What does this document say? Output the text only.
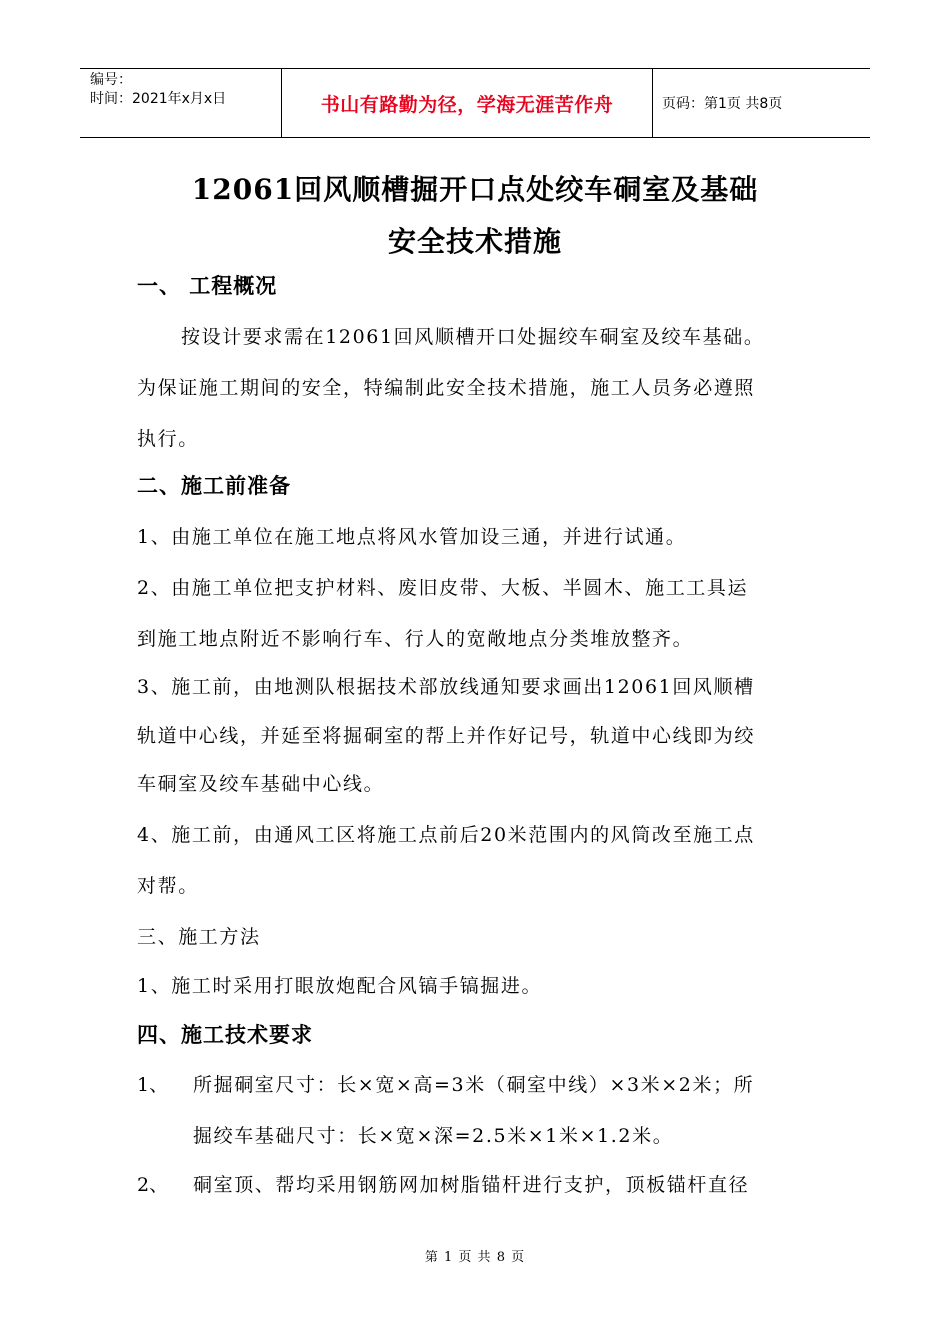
编号：
时间：2021年x月x日	书山有路勤为径，学海无涯苦作舟	页码：第1页 共8页
12061回风顺槽掘开口点处绞车硐室及基础
安全技术措施
一、 工程概况
按设计要求需在12061回风顺槽开口处掘绞车硐室及绞车基础。
为保证施工期间的安全，特编制此安全技术措施，施工人员务必遵照
执行。
二、施工前准备
1、由施工单位在施工地点将风水管加设三通，并进行试通。
2、由施工单位把支护材料、废旧皮带、大板、半圆木、施工工具运
到施工地点附近不影响行车、行人的宽敞地点分类堆放整齐。
3、施工前，由地测队根据技术部放线通知要求画出12061回风顺槽
轨道中心线，并延至将掘硐室的帮上并作好记号，轨道中心线即为绞
车硐室及绞车基础中心线。
4、施工前，由通风工区将施工点前后20米范围内的风筒改至施工点
对帮。
三、施工方法
1、施工时采用打眼放炮配合风镐手镐掘进。
四、施工技术要求
1、 所掘硐室尺寸：长×宽×高=3米（硐室中线）×3米×2米；所
掘绞车基础尺寸：长×宽×深=2.5米×1米×1.2米。
2、 硐室顶、帮均采用钢筋网加树脂锚杆进行支护，顶板锚杆直径
第 1 页 共 8 页
